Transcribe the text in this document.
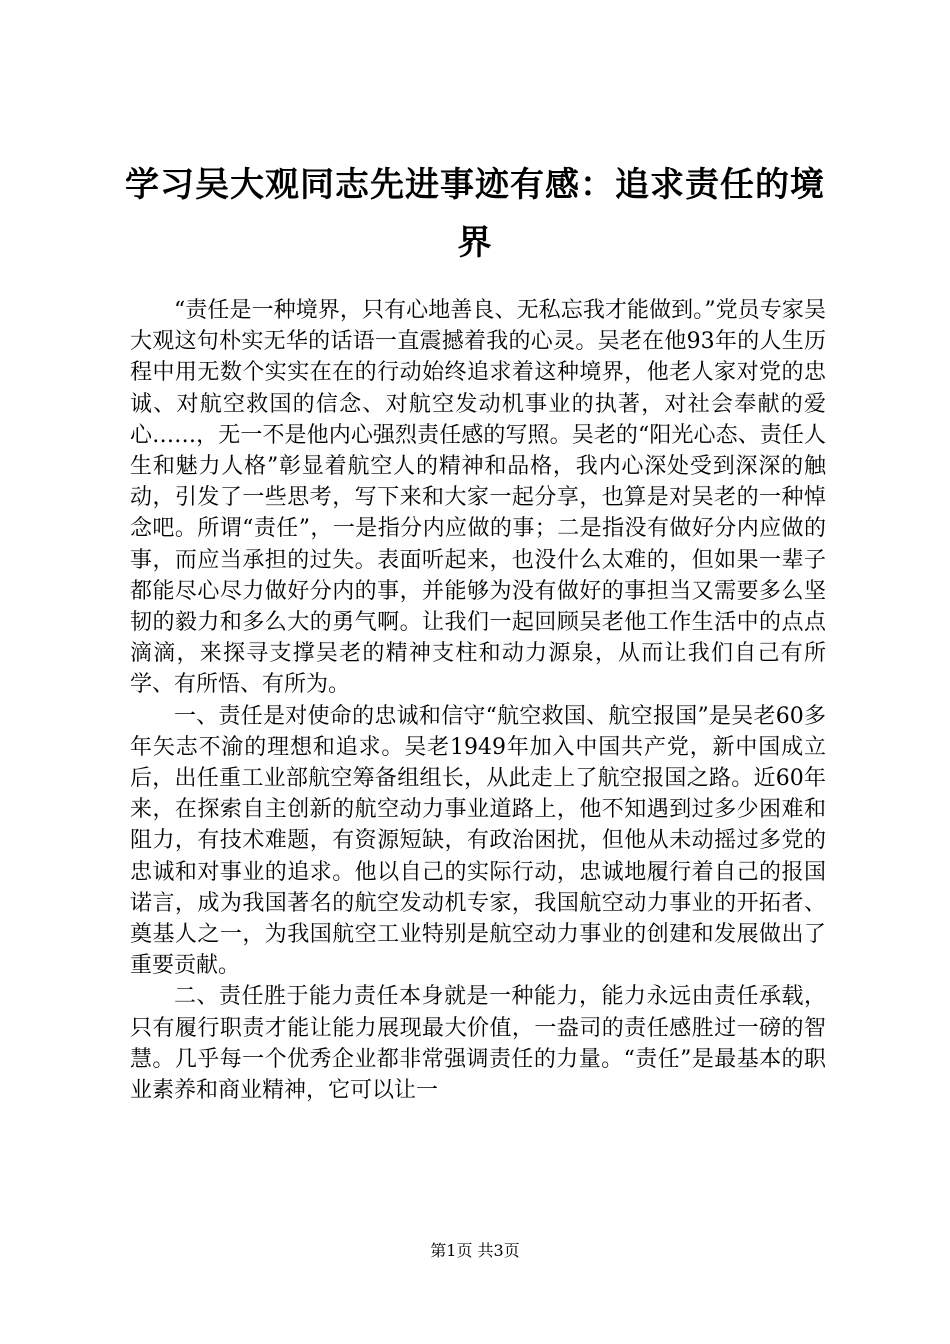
学习吴大观同志先进事迹有感：追求责任的境界

“责任是一种境界，只有心地善良、无私忘我才能做到。”党员专家吴大观这句朴实无华的话语一直震撼着我的心灵。吴老在他93年的人生历程中用无数个实实在在的行动始终追求着这种境界，他老人家对党的忠诚、对航空救国的信念、对航空发动机事业的执著，对社会奉献的爱心……，无一不是他内心强烈责任感的写照。吴老的“阳光心态、责任人生和魅力人格”彰显着航空人的精神和品格，我内心深处受到深深的触动，引发了一些思考，写下来和大家一起分享，也算是对吴老的一种悼念吧。所谓“责任”，一是指分内应做的事；二是指没有做好分内应做的事，而应当承担的过失。表面听起来，也没什么太难的，但如果一辈子都能尽心尽力做好分内的事，并能够为没有做好的事担当又需要多么坚韧的毅力和多么大的勇气啊。让我们一起回顾吴老他工作生活中的点点滴滴，来探寻支撑吴老的精神支柱和动力源泉，从而让我们自己有所学、有所悟、有所为。

一、责任是对使命的忠诚和信守“航空救国、航空报国”是吴老60多年矢志不渝的理想和追求。吴老1949年加入中国共产党，新中国成立后，出任重工业部航空筹备组组长，从此走上了航空报国之路。近60年来，在探索自主创新的航空动力事业道路上，他不知遇到过多少困难和阻力，有技术难题，有资源短缺，有政治困扰，但他从未动摇过多党的忠诚和对事业的追求。他以自己的实际行动，忠诚地履行着自己的报国诺言，成为我国著名的航空发动机专家，我国航空动力事业的开拓者、奠基人之一，为我国航空工业特别是航空动力事业的创建和发展做出了重要贡献。

二、责任胜于能力责任本身就是一种能力，能力永远由责任承载，只有履行职责才能让能力展现最大价值，一盎司的责任感胜过一磅的智慧。几乎每一个优秀企业都非常强调责任的力量。“责任”是最基本的职业素养和商业精神，它可以让一

第1页 共3页
